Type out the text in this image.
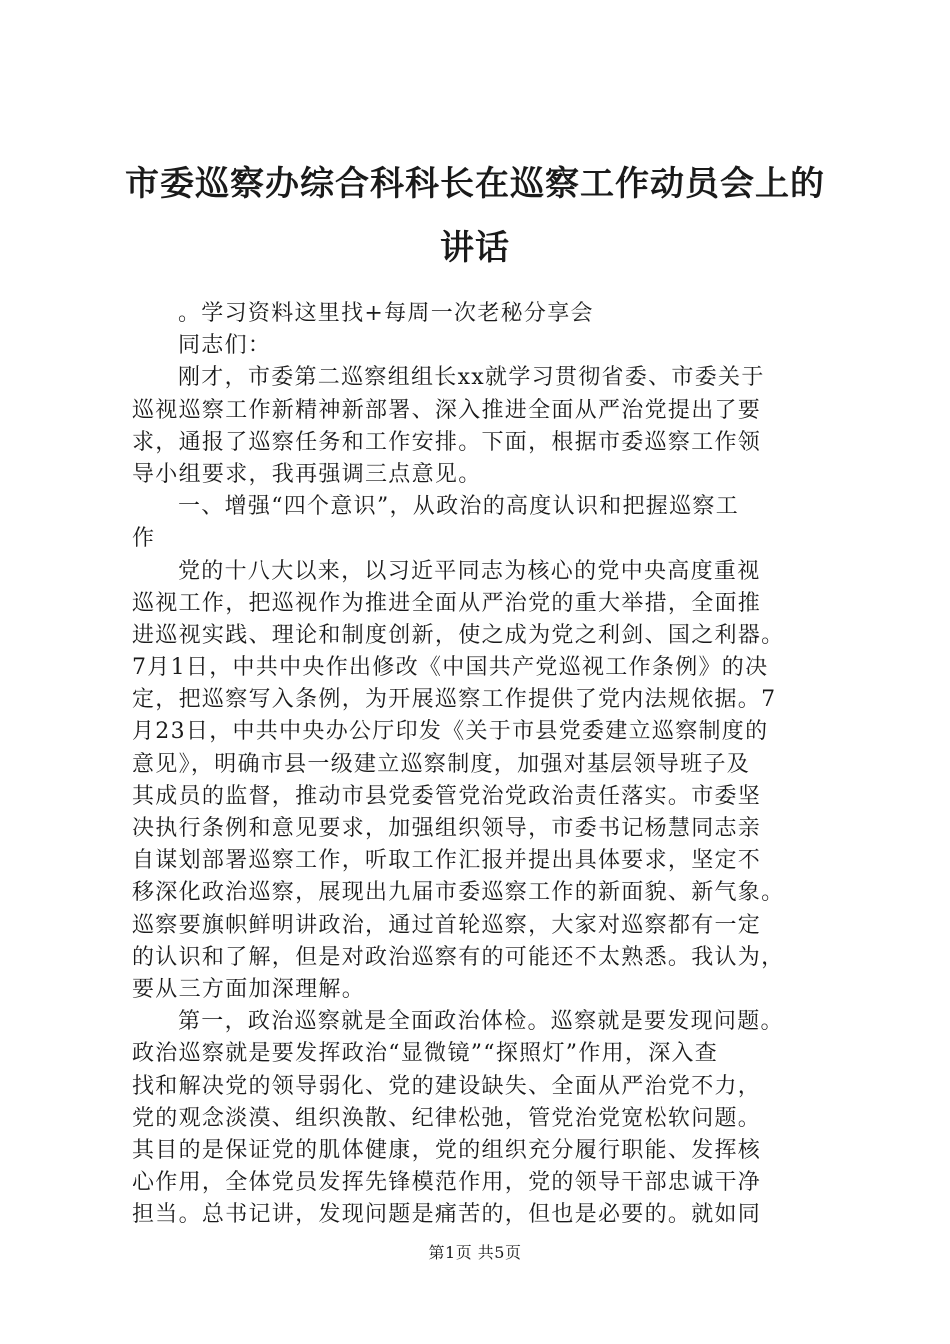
市委巡察办综合科科长在巡察工作动员会上的
讲话
。学习资料这里找+每周一次老秘分享会
同志们：
刚才，市委第二巡察组组长xx就学习贯彻省委、市委关于
巡视巡察工作新精神新部署、深入推进全面从严治党提出了要
求，通报了巡察任务和工作安排。下面，根据市委巡察工作领
导小组要求，我再强调三点意见。
一、增强“四个意识”，从政治的高度认识和把握巡察工
作
党的十八大以来，以习近平同志为核心的党中央高度重视
巡视工作，把巡视作为推进全面从严治党的重大举措，全面推
进巡视实践、理论和制度创新，使之成为党之利剑、国之利器。
7月1日，中共中央作出修改《中国共产党巡视工作条例》的决
定，把巡察写入条例，为开展巡察工作提供了党内法规依据。7
月23日，中共中央办公厅印发《关于市县党委建立巡察制度的
意见》，明确市县一级建立巡察制度，加强对基层领导班子及
其成员的监督，推动市县党委管党治党政治责任落实。市委坚
决执行条例和意见要求，加强组织领导，市委书记杨慧同志亲
自谋划部署巡察工作，听取工作汇报并提出具体要求，坚定不
移深化政治巡察，展现出九届市委巡察工作的新面貌、新气象。
巡察要旗帜鲜明讲政治，通过首轮巡察，大家对巡察都有一定
的认识和了解，但是对政治巡察有的可能还不太熟悉。我认为，
要从三方面加深理解。
第一，政治巡察就是全面政治体检。巡察就是要发现问题。
政治巡察就是要发挥政治“显微镜”“探照灯”作用，深入查
找和解决党的领导弱化、党的建设缺失、全面从严治党不力，
党的观念淡漠、组织涣散、纪律松弛，管党治党宽松软问题。
其目的是保证党的肌体健康，党的组织充分履行职能、发挥核
心作用，全体党员发挥先锋模范作用，党的领导干部忠诚干净
担当。总书记讲，发现问题是痛苦的，但也是必要的。就如同
第1页 共5页
